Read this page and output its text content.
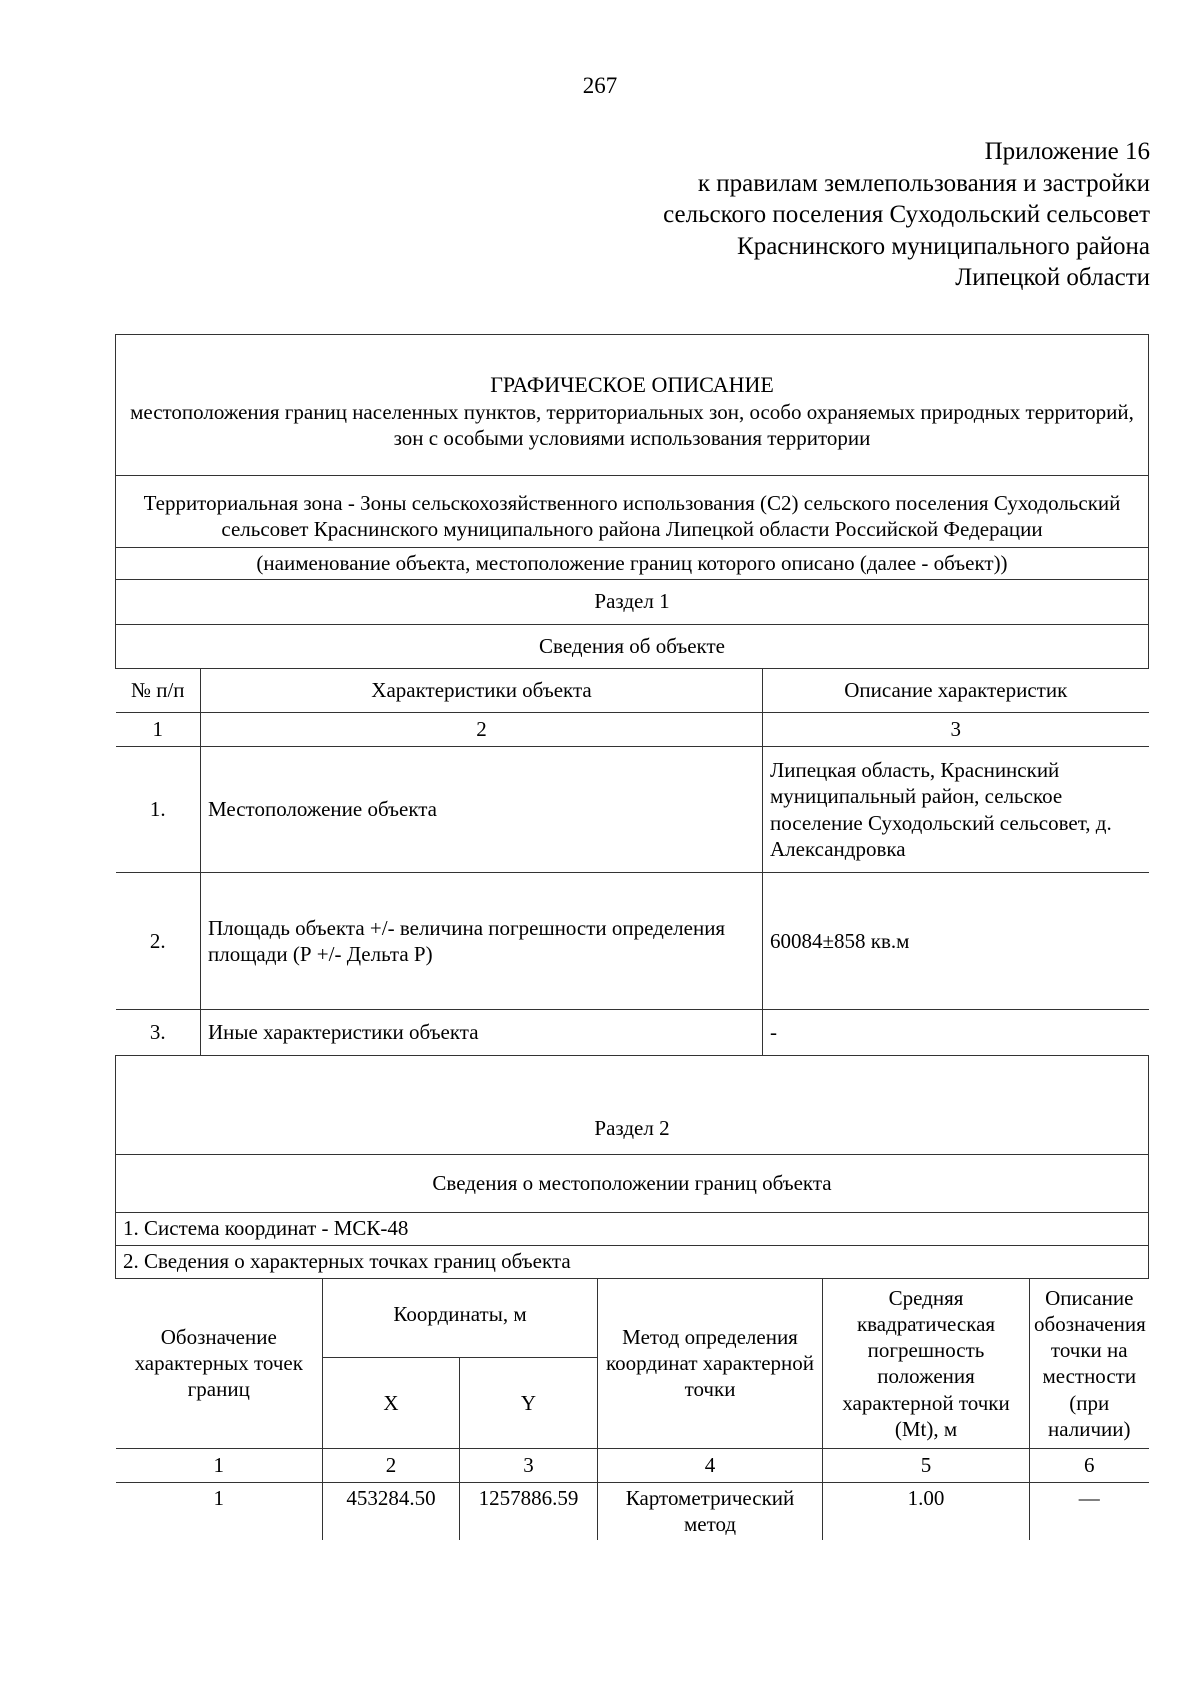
267
Приложение 16
к правилам землепользования и застройки
сельского поселения Суходольский сельсовет
Краснинского муниципального района
Липецкой области
ГРАФИЧЕСКОЕ ОПИСАНИЕ
местоположения границ населенных пунктов, территориальных зон, особо охраняемых природных территорий, зон с особыми условиями использования территории

Территориальная зона - Зоны сельскохозяйственного использования (С2) сельского поселения Суходольский сельсовет Краснинского муниципального района Липецкой области Российской Федерации
(наименование объекта, местоположение границ которого описано (далее - объект))
Раздел 1
Сведения об объекте

№ п/п	Характеристики объекта	Описание характеристик
1	2	3
1.	Местоположение объекта	Липецкая область, Краснинский муниципальный район, сельское поселение Суходольский сельсовет, д. Александровка
2.	Площадь объекта +/- величина погрешности определения площади (Р +/- Дельта Р)	60084±858 кв.м
3.	Иные характеристики объекта	-

Раздел 2
Сведения о местоположении границ объекта
1. Система координат - МСК-48
2. Сведения о характерных точках границ объекта

Обозначение характерных точек границ	Координаты, м	Метод определения координат характерной точки	Средняя квадратическая погрешность положения характерной точки (Mt), м	Описание обозначения точки на местности (при наличии)
X	Y
1	2	3	4	5	6
1	453284.50	1257886.59	Картометрический метод	1.00	—
